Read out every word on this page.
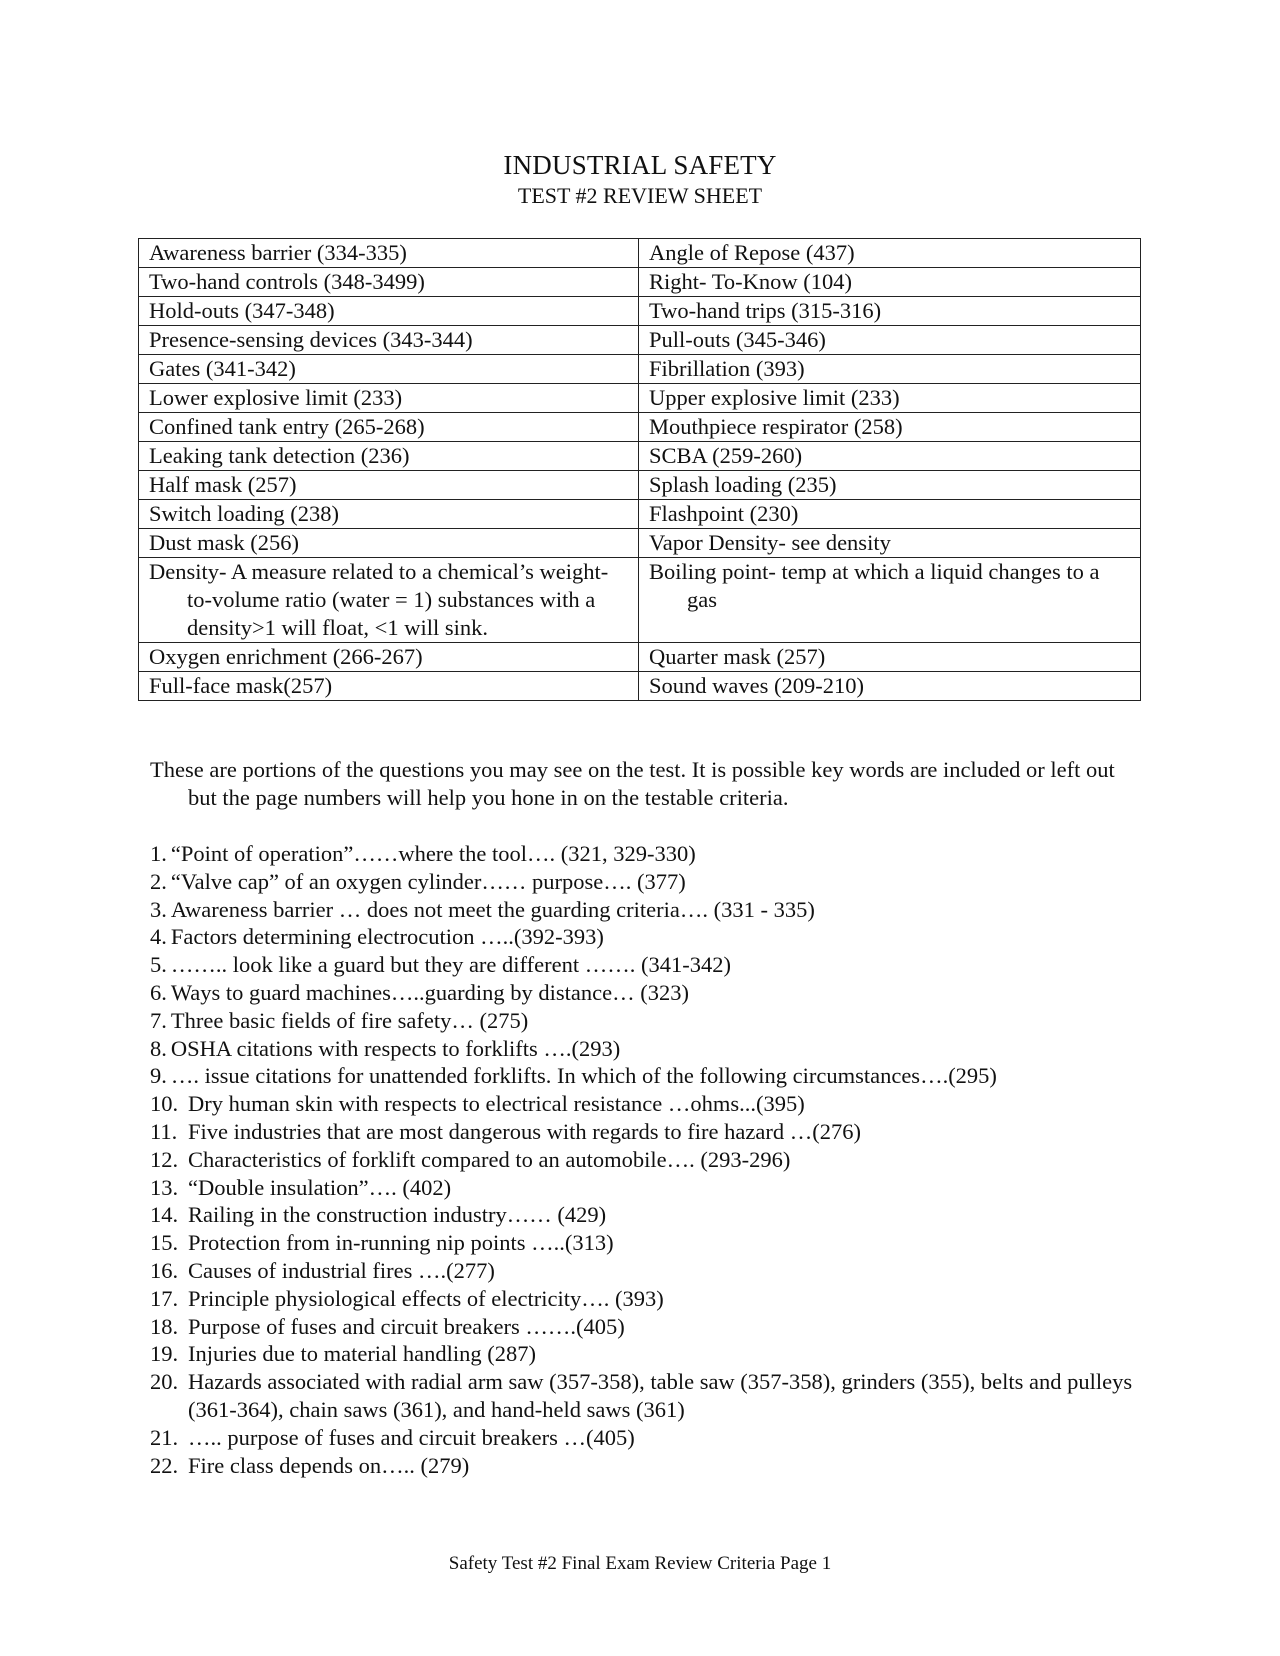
INDUSTRIAL SAFETY
TEST #2 REVIEW SHEET
Awareness barrier (334-335)	Angle of Repose (437)

Two-hand controls (348-3499)	Right- To-Know (104)

Hold-outs (347-348)	Two-hand trips (315-316)

Presence-sensing devices (343-344)	Pull-outs (345-346)

Gates (341-342)	Fibrillation (393)

Lower explosive limit (233)	Upper explosive limit (233)

Confined tank entry (265-268)	Mouthpiece respirator (258)

Leaking tank detection (236)	SCBA (259-260)

Half mask (257)	Splash loading (235)

Switch loading (238)	Flashpoint (230)

Dust mask (256)	Vapor Density- see density

Density- A measure related to a chemical’s weight-to-volume ratio (water = 1) substances with a density>1 will float, <1 will sink.	Boiling point- temp at which a liquid changes to a gas

Oxygen enrichment (266-267)	Quarter mask (257)

Full-face mask(257)	Sound waves (209-210)
These are portions of the questions you may see on the test. It is possible key words are included or left out but the page numbers will help you hone in on the testable criteria.
1. “Point of operation”……where the tool…. (321, 329-330)
2. “Valve cap” of an oxygen cylinder…… purpose…. (377)
3. Awareness barrier … does not meet the guarding criteria…. (331 - 335)
4. Factors determining electrocution …..(392-393)
5. …….. look like a guard but they are different ……. (341-342)
6. Ways to guard machines…..guarding by distance… (323)
7. Three basic fields of fire safety… (275)
8. OSHA citations with respects to forklifts ….(293)
9. …. issue citations for unattended forklifts. In which of the following circumstances….(295)
10. Dry human skin with respects to electrical resistance …ohms...(395)
11. Five industries that are most dangerous with regards to fire hazard …(276)
12. Characteristics of forklift compared to an automobile…. (293-296)
13. “Double insulation”…. (402)
14. Railing in the construction industry…… (429)
15. Protection from in-running nip points …..(313)
16. Causes of industrial fires ….(277)
17. Principle physiological effects of electricity…. (393)
18. Purpose of fuses and circuit breakers …….(405)
19. Injuries due to material handling (287)
20. Hazards associated with radial arm saw (357-358), table saw (357-358), grinders (355), belts and pulleys (361-364), chain saws (361), and hand-held saws (361)
21. ….. purpose of fuses and circuit breakers …(405)
22. Fire class depends on….. (279)
Safety Test #2 Final Exam Review Criteria Page 1
